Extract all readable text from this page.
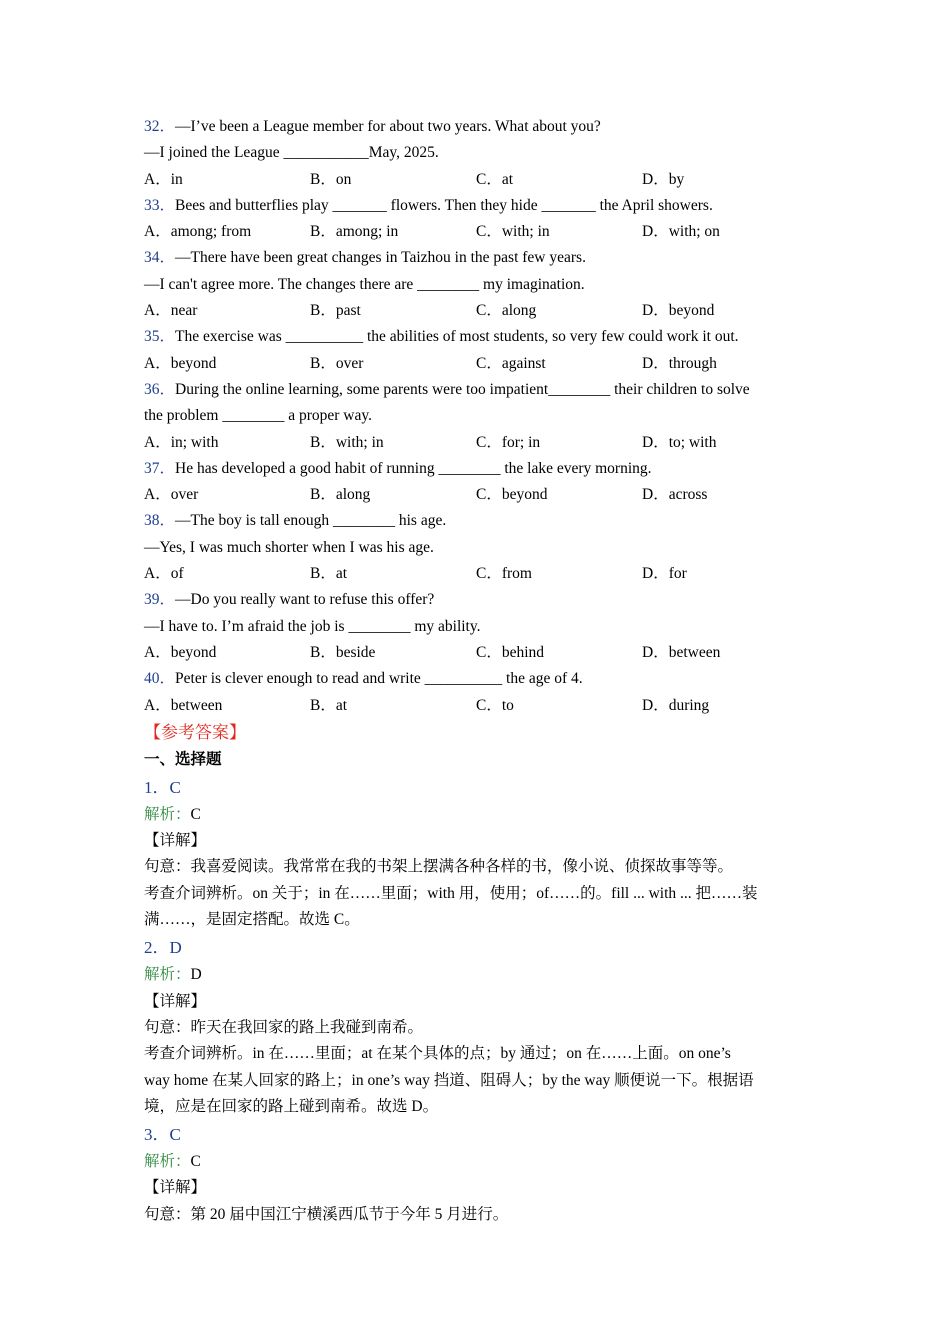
32．—I’ve been a League member for about two years. What about you?
—I joined the League ___________May, 2025.
A．in	B．on	C．at	D．by
33．Bees and butterflies play _______ flowers. Then they hide _______ the April showers.
A．among; from	B．among; in	C．with; in	D．with; on
34．—There have been great changes in Taizhou in the past few years.
—I can't agree more. The changes there are ________ my imagination.
A．near	B．past	C．along	D．beyond
35．The exercise was __________ the abilities of most students, so very few could work it out.
A．beyond	B．over	C．against	D．through
36．During the online learning, some parents were too impatient________ their children to solve
the problem ________ a proper way.
A．in; with	B．with; in	C．for; in	D．to; with
37．He has developed a good habit of running ________ the lake every morning.
A．over	B．along	C．beyond	D．across
38．—The boy is tall enough ________ his age.
—Yes, I was much shorter when I was his age.
A．of	B．at	C．from	D．for
39．—Do you really want to refuse this offer?
—I have to. I’m afraid the job is ________ my ability.
A．beyond	B．beside	C．behind	D．between
40．Peter is clever enough to read and write __________ the age of 4.
A．between	B．at	C．to	D．during
【参考答案】
一、选择题
1．C
解析：C
【详解】
句意：我喜爱阅读。我常常在我的书架上摆满各种各样的书，像小说、侦探故事等等。
考查介词辨析。on 关于；in 在……里面；with 用，使用；of……的。fill ... with ... 把……装
满……，是固定搭配。故选 C。
2．D
解析：D
【详解】
句意：昨天在我回家的路上我碰到南希。
考查介词辨析。in 在……里面；at 在某个具体的点；by 通过；on 在……上面。on one’s
way home 在某人回家的路上；in one’s way 挡道、阻碍人；by the way 顺便说一下。根据语
境，应是在回家的路上碰到南希。故选 D。
3．C
解析：C
【详解】
句意：第 20 届中国江宁横溪西瓜节于今年 5 月进行。
